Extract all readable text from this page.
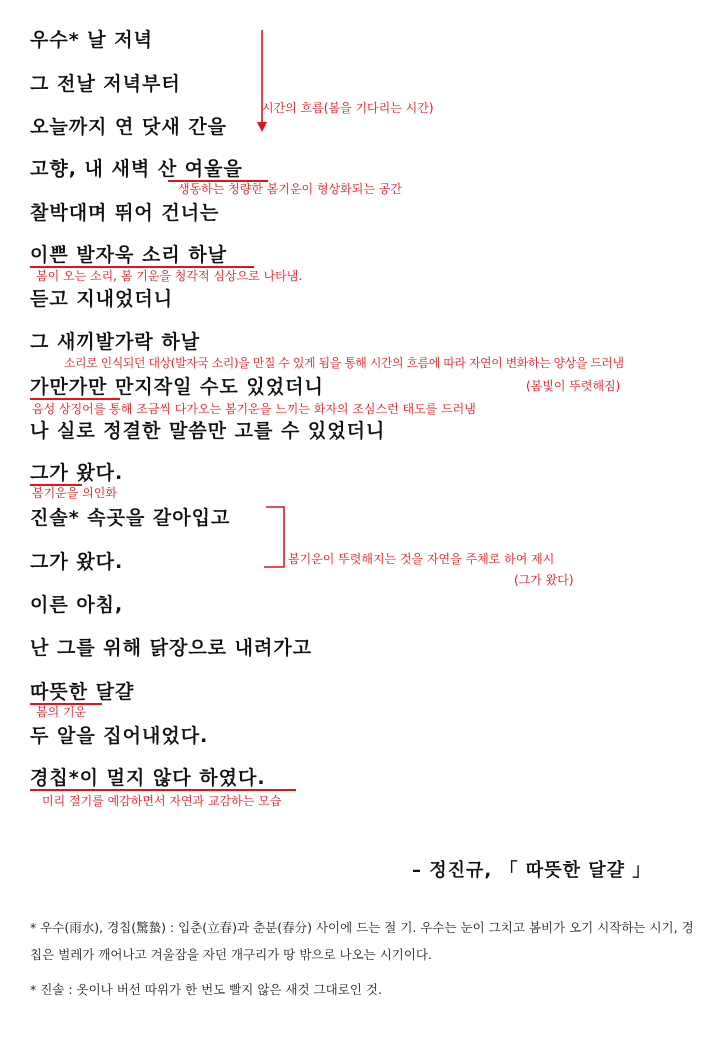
우수* 날 저녁
그 전날 저녁부터
오늘까지 연 닷새 간을
고향, 내 새벽 산 여울을
찰박대며 뛰어 건너는
이쁜 발자욱 소리 하날
듣고 지내었더니
그 새끼발가락 하날
가만가만 만지작일 수도 있었더니
나 실로 정결한 말씀만 고를 수 있었더니
그가 왔다.
진솔* 속곳을 갈아입고
그가 왔다.
이른 아침,
난 그를 위해 닭장으로 내려가고
따뜻한 달걀
두 알을 집어내었다.
경칩*이 멀지 않다 하였다.
시간의 흐름(봄을 기다리는 시간)
생동하는 청량한 봄기운이 형상화되는 공간
봄이 오는 소리, 봄 기운을 청각적 심상으로 나타냄.
소리로 인식되던 대상(발자국 소리)을 만질 수 있게 됨을 통해 시간의 흐름에 따라 자연이 변화하는 양상을 드러냄
(봄빛이 뚜렷해짐)
음성 상징어를 통해 조금씩 다가오는 봄기운을 느끼는 화자의 조심스런 태도를 드러냄
봄기운을 의인화
봄기운이 뚜렷해지는 것을 자연을 주체로 하여 제시
(그가 왔다)
봄의 기운
미리 절기를 예감하면서 자연과 교감하는 모습
– 정진규, 「 따뜻한 달걀 」
* 우수(雨水), 경칩(驚蟄) : 입춘(立春)과 춘분(春分) 사이에 드는 절 기. 우수는 눈이 그치고 봄비가 오기 시작하는 시기, 경칩은 벌레가 깨어나고 겨울잠을 자던 개구리가 땅 밖으로 나오는 시기이다.
* 진솔 : 옷이나 버선 따위가 한 번도 빨지 않은 새것 그대로인 것.
